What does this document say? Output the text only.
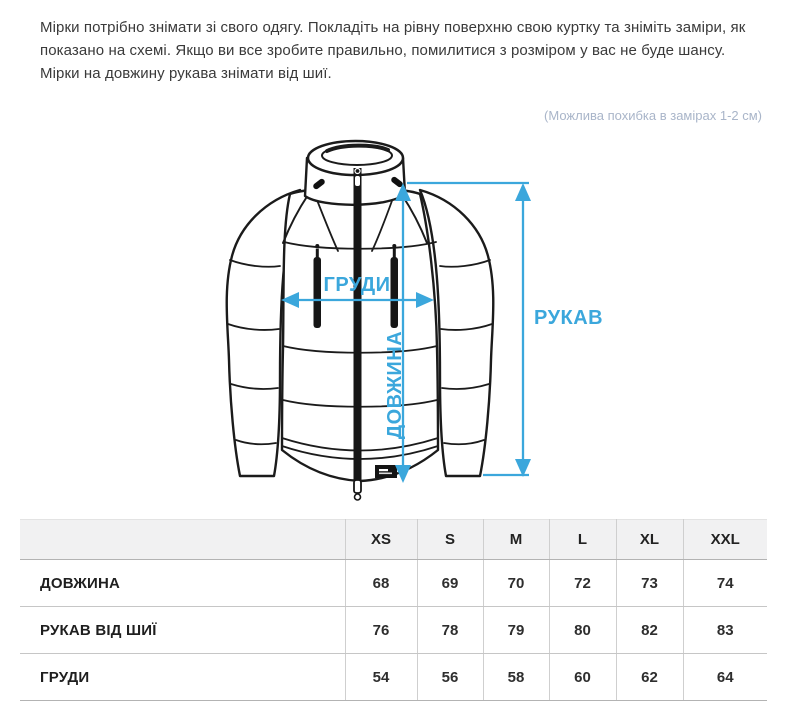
Мірки потрібно знімати зі свого одягу. Покладіть на рівну поверхню свою куртку та зніміть заміри, як показано на схемі. Якщо ви все зробите правильно, помилитися з розміром у вас не буде шансу. Мірки на довжину рукава знімати від шиї.

(Можлива похибка в замірах 1-2 см)
ГРУДИ
ДОВЖИНА
РУКАВ
	XS	S	M	L	XL	XXL
ДОВЖИНА	68	69	70	72	73	74
РУКАВ ВІД ШИЇ	76	78	79	80	82	83
ГРУДИ	54	56	58	60	62	64
